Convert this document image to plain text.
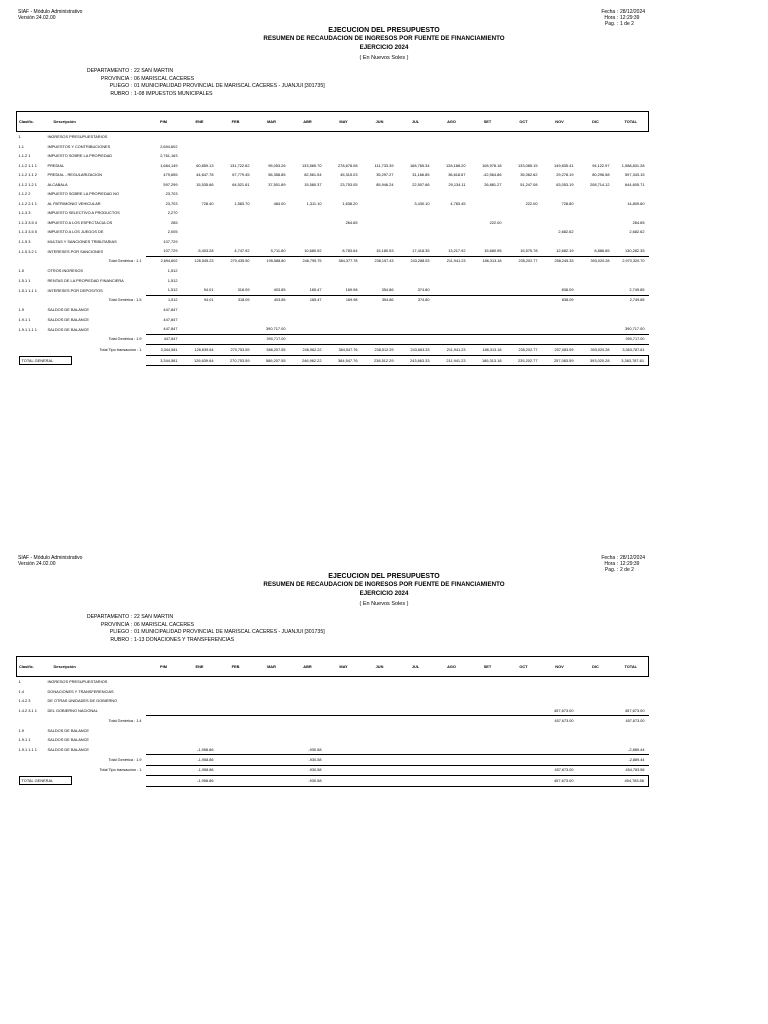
SIAF - Módulo Administrativo
Versión 24.02.00
Fecha : 28/12/2024
Hora : 12:29:39
Pag. : 1 de 2
EJECUCION DEL PRESUPUESTO
RESUMEN DE RECAUDACION DE INGRESOS POR FUENTE DE FINANCIAMIENTO
EJERCICIO 2024
( En Nuevos Soles )
DEPARTAMENTO : 22 SAN MARTIN
PROVINCIA : 06 MARISCAL CACERES
PLIEGO : 01 MUNICIPALIDAD PROVINCIAL DE MARISCAL CACERES - JUANJUI [301735]
RUBRO : 1-08 IMPUESTOS MUNICIPALES
Clasific.	Descripción	PIM	ENE	FEB	MAR	ABR	MAY	JUN	JUL	AGO	SET	OCT	NOV	DIC	TOTAL
1	INGRESOS PRESUPUESTARIOS														
1.1	IMPUESTOS Y CONTRIBUCIONES	2,694,602													
1.1.2 1	IMPUESTO SOBRE LA PROPIEDAD	2,761,163													
1.1.2 1.1 1	PREDIAL	1,684,149	60,859.13	131,722.62	95,053.26	133,565.70	278,678.08	111,733.39	168,765.34	128,188.20	108,978.18	133,085.15	149,835.41	94,122.97	1,588,831.28
1.1.2 1.1 2	PREDIAL - REGULARIZACION	479,655	44,647.78	67,779.45	56,358.85	82,561.54	45,315.03	35,297.27	31,166.85	36,618.67	-42,564.86	35,062.62	29,278.19	80,296.58	597,343.15
1.1.2 1.2 1	ALCABALA	597,299	15,535.66	64,521.81	37,501.89	15,580.37	23,753.05	85,946.24	22,507.66	29,134.11	26,881.27	51,247.08	63,053.19	208,714.12	644,605.71
1.1.2 2	IMPUESTO SOBRE LA PROPIEDAD NO	23,703													
1.1.2 2.1 1	AL PATRIMONIO VEHICULAR	23,703	728.40	1,583.70	484.00	1,311.10	1,638.20		3,430.10	4,783.45		222.00	728.80		14,809.60
1.1.3 3	IMPUESTO SELECTIVO A PRODUCTOS	2,270													
1.1.3 3.5 4	IMPUESTO A LOS ESPECTACULOS	265					264.65				222.00				264.65
1.1.3 3.5 5	IMPUESTO A LOS JUEGOS DE	2,005											2,682.62		2,682.62
1.1.5 3	MULTAS Y SANCIONES TRIBUTARIAS	107,729													
1.1.5 3.2 1	INTERESES POR SANCIONES	107,729	5,403.28	4,747.92	5,711.80	10,680.92	8,783.64	15,180.53	17,418.35	13,217.92	15,680.95	15,575.78	12,682.19	8,886.65	130,282.35
Total Genérica : 1.1		2,694,602	126,545.23	270,435.50	195,588.80	246,795.75	384,377.78	238,157.43	243,288.53	211,941.23	186,313.18	235,202.77	258,245.33	393,020.28	2,970,320.70
1.5	OTROS INGRESOS	1,512													
1.5.1 1	RENTAS DE LA PROPIEDAD FINANCIERA	1,512													
1.5.1 1.1 1	INTERESES POR DEPOSITOS	1,512	94.01	318.09	403.85	165.47	169.98	354.86	374.80				838.09		2,749.85
Total Genérica : 1.5		1,512	94.01	318.09	403.85	165.47	169.98	354.86	374.80				838.09		2,749.85
1.9	SALDOS DE BALANCE	447,847													
1.9.1 1	SALDOS DE BALANCE	447,847													
1.9.1 1.1 1	SALDOS DE BALANCE	447,847			390,717.00										390,717.00
Total Genérica : 1.9		447,847			390,717.00										390,717.00
Total Tipo transaccion : 1		3,344,581	126,639.64	270,753.59	586,207.55	246,962.22	384,547.76	238,512.29	243,663.33	211,941.23	186,313.18	235,202.77	257,083.59	393,020.28	3,363,787.61
TOTAL GENERAL		3,344,581	126,639.64	270,753.59	586,207.55	246,962.22	384,547.76	238,512.29	243,663.33	211,941.23	186,313.18	235,202.77	257,083.59	393,020.28	3,363,787.61
SIAF - Módulo Administrativo
Versión 24.02.00
Fecha : 28/12/2024
Hora : 12:29:39
Pag. : 2 de 2
EJECUCION DEL PRESUPUESTO
RESUMEN DE RECAUDACION DE INGRESOS POR FUENTE DE FINANCIAMIENTO
EJERCICIO 2024
( En Nuevos Soles )
DEPARTAMENTO : 22 SAN MARTIN
PROVINCIA : 06 MARISCAL CACERES
PLIEGO : 01 MUNICIPALIDAD PROVINCIAL DE MARISCAL CACERES - JUANJUI [301735]
RUBRO : 1-13 DONACIONES Y TRANSFERENCIAS
Clasific.	Descripción	PIM	ENE	FEB	MAR	ABR	MAY	JUN	JUL	AGO	SET	OCT	NOV	DIC	TOTAL
1	INGRESOS PRESUPUESTARIOS														
1.4	DONACIONES Y TRANSFERENCIAS														
1.4.2 3	DE OTRAS UNIDADES DE GOBIERNO														
1.4.2 3.1 1	DEL GOBIERNO NACIONAL												457,673.00		457,673.00
Total Genérica : 1.4													457,673.00		457,673.00
1.9	SALDOS DE BALANCE														
1.9.1 1	SALDOS DE BALANCE														
1.9.1 1.1 1	SALDOS DE BALANCE		-1,958.86			-930.58									-2,889.44
Total Genérica : 1.9			-1,958.86			-930.58									-2,889.44
Total Tipo transaccion : 1			-1,958.86			-930.58							457,673.00		454,783.56
TOTAL GENERAL			-1,958.86			-930.58							457,673.00		454,783.56
